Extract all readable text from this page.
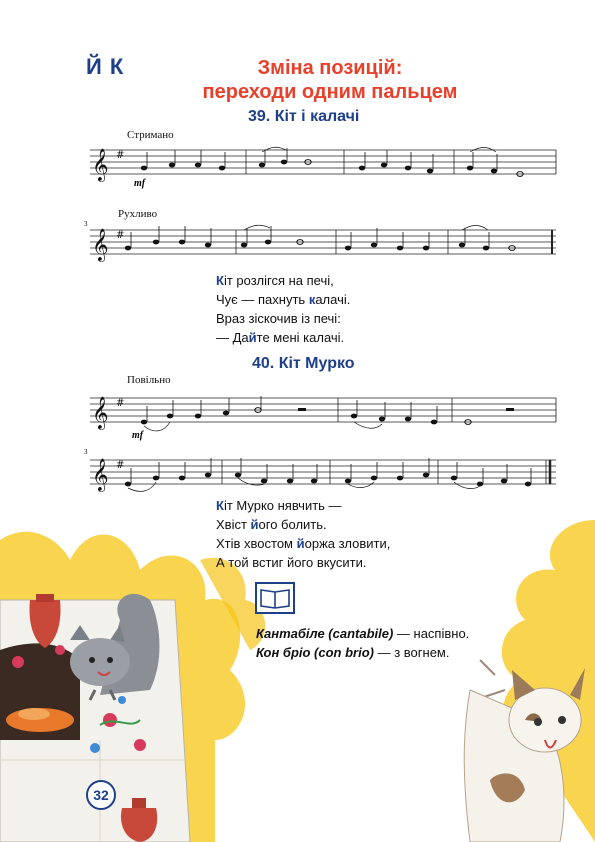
Й К	Зміна позицій:
переходи одним пальцем
39. Кіт і калачі
Стримано
𝄞
𝄞
#
#
3
mf
Рухливо
Кіт розлігся на печі,
Чує — пахнуть калачі.
Враз зіскочив із печі:
— Дайте мені калачі.
40. Кіт Мурко
Повільно
𝄞
𝄞
#
#
3
mf
Кіт Мурко нявчить —
Хвіст його болить.
Хтів хвостом йоржа зловити,
А той встиг його вкусити.
Кантабіле (cantabile) — наспівно.
Кон бріо (con brio) — з вогнем.
32
